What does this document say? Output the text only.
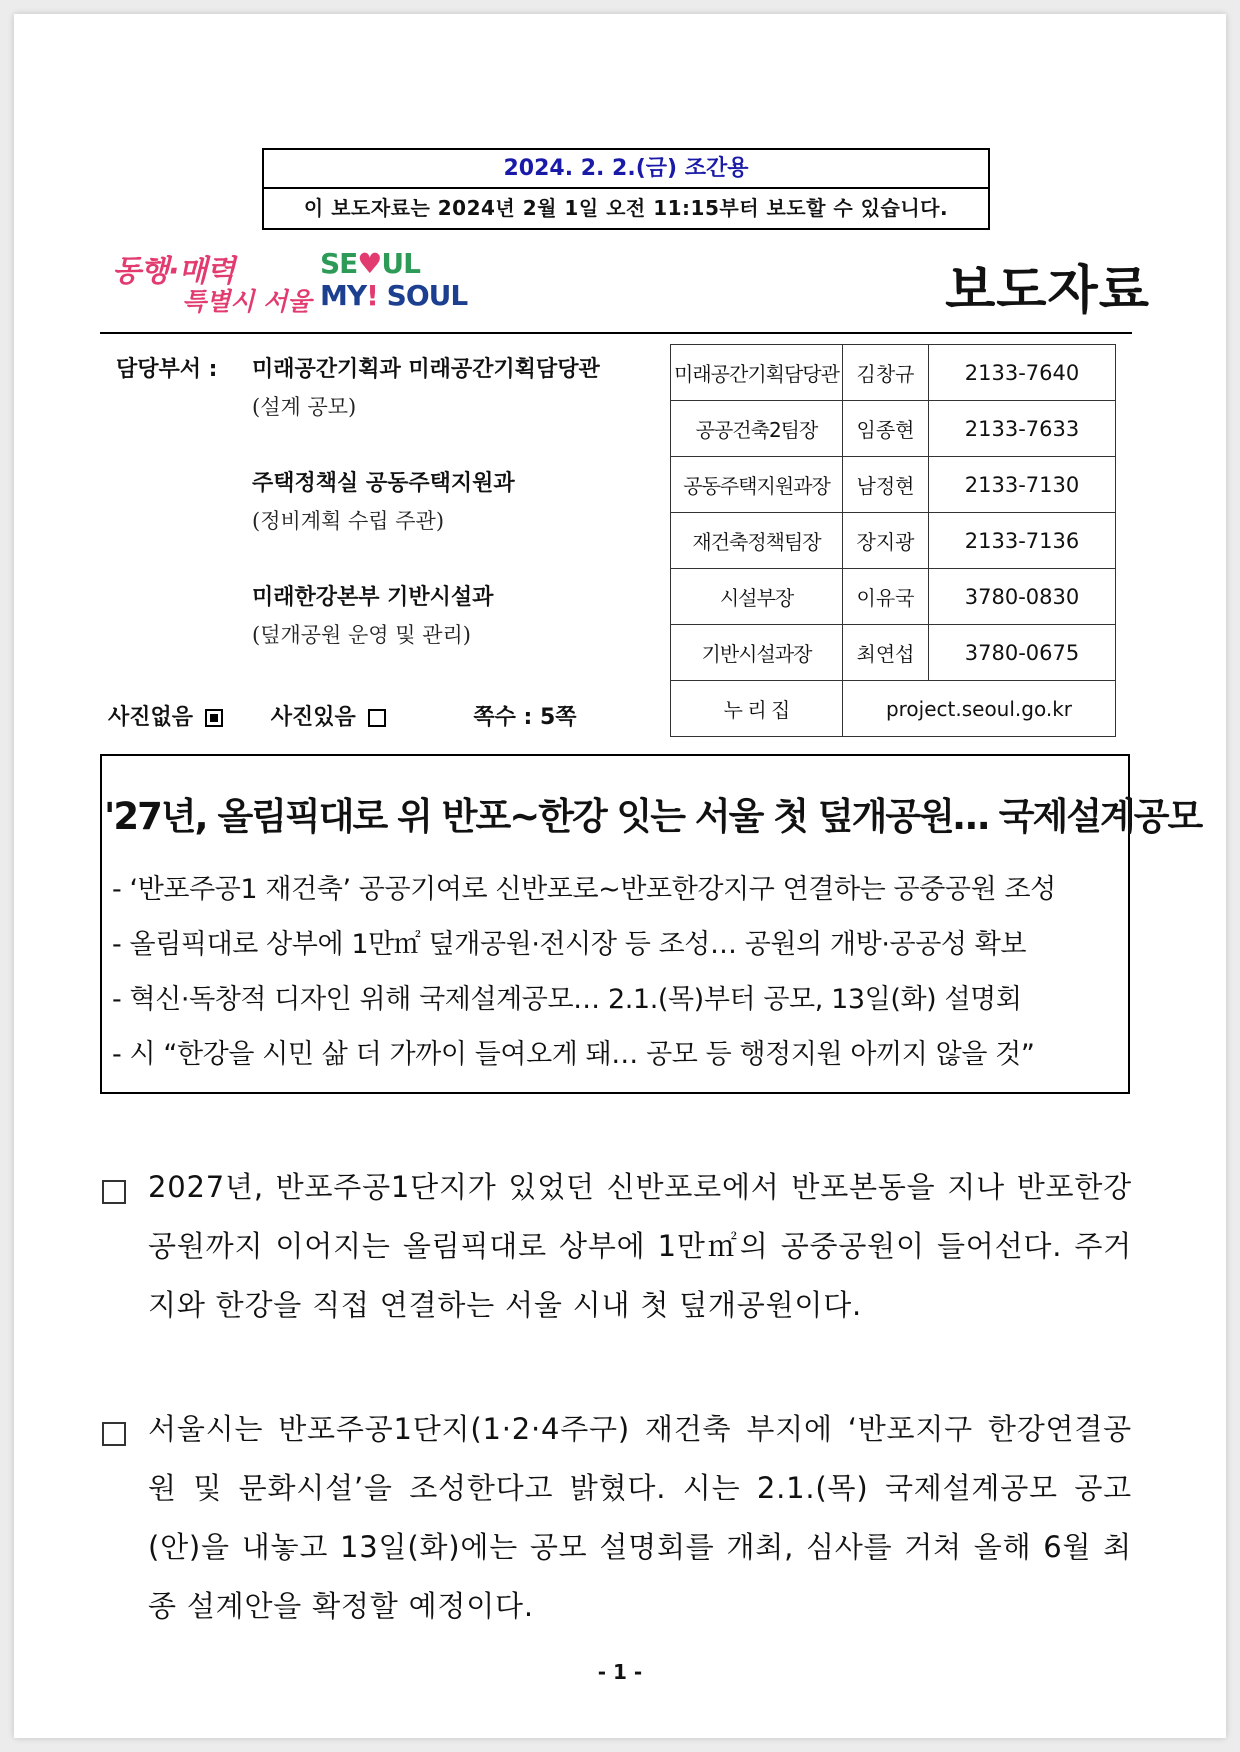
2024. 2. 2.(금) 조간용
이 보도자료는 2024년 2월 1일 오전 11:15부터 보도할 수 있습니다.
동행·매력
특별시 서울
SE♥UL
MY! SOUL	보도자료
담당부서 : 미래공간기획과 미래공간기획담당관
(설계 공모)
주택정책실 공동주택지원과
(정비계획 수립 주관)
미래한강본부 기반시설과
(덮개공원 운영 및 관리)
사진없음	사진있음	쪽수 : 5쪽
미래공간기획담당관	김창규	2133-7640
공공건축2팀장	임종현	2133-7633
공동주택지원과장	남정현	2133-7130
재건축정책팀장	장지광	2133-7136
시설부장	이유국	3780-0830
기반시설과장	최연섭	3780-0675
누 리 집	project.seoul.go.kr	
'27년, 올림픽대로 위 반포~한강 잇는 서울 첫 덮개공원… 국제설계공모
- ‘반포주공1 재건축’ 공공기여로 신반포로~반포한강지구 연결하는 공중공원 조성
- 올림픽대로 상부에 1만㎡ 덮개공원·전시장 등 조성… 공원의 개방·공공성 확보
- 혁신·독창적 디자인 위해 국제설계공모… 2.1.(목)부터 공모, 13일(화) 설명회
- 시 “한강을 시민 삶 더 가까이 들여오게 돼… 공모 등 행정지원 아끼지 않을 것”
2027년, 반포주공1단지가 있었던 신반포로에서 반포본동을 지나 반포한강공원까지 이어지는 올림픽대로 상부에 1만㎡의 공중공원이 들어선다. 주거지와 한강을 직접 연결하는 서울 시내 첫 덮개공원이다.
서울시는 반포주공1단지(1·2·4주구) 재건축 부지에 ‘반포지구 한강연결공원 및 문화시설’을 조성한다고 밝혔다. 시는 2.1.(목) 국제설계공모 공고(안)을 내놓고 13일(화)에는 공모 설명회를 개최, 심사를 거쳐 올해 6월 최종 설계안을 확정할 예정이다.
- 1 -
